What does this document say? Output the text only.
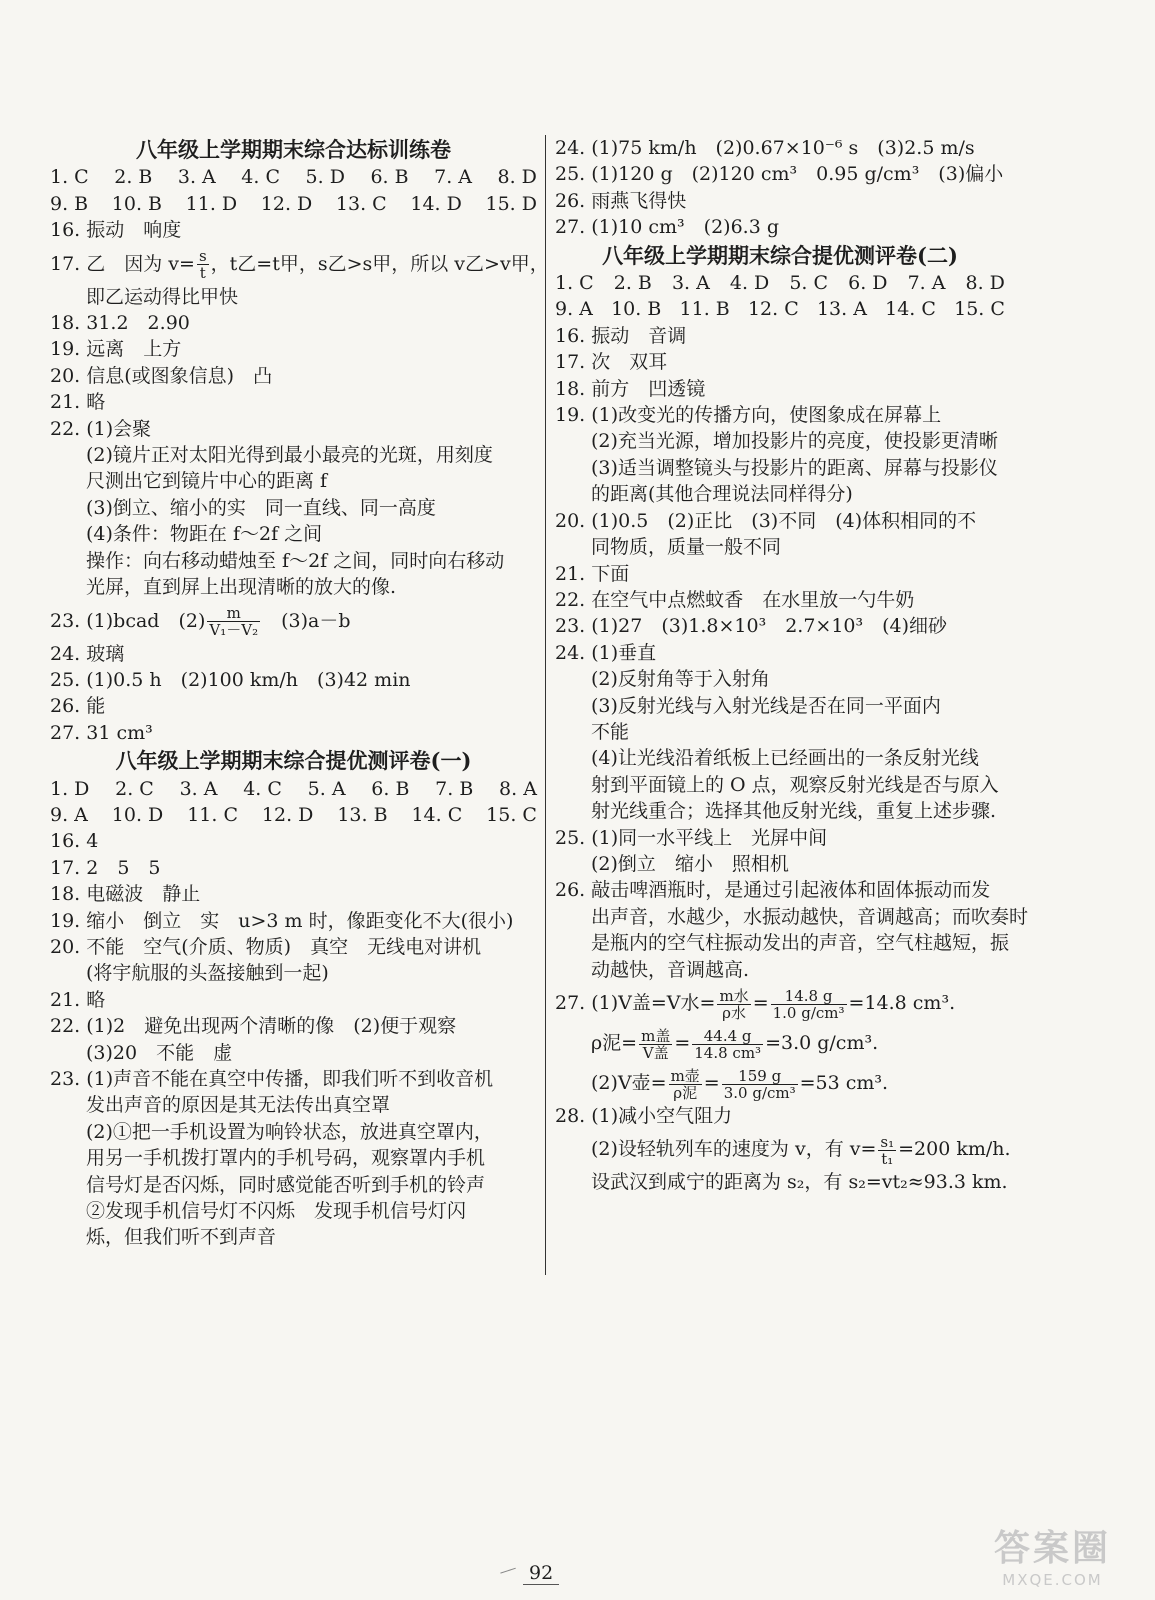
八年级上学期期末综合达标训练卷
1. C 2. B 3. A 4. C 5. D 6. B 7. A 8. D
9. B 10. B 11. D 12. D 13. C 14. D 15. D
16. 振动　响度
17. 乙　因为 $v= \frac{s}{t}$ ，t乙=t甲，s乙>s甲，所以 v乙>v甲，
即乙运动得比甲快
18. 31.2　2.90
19. 远离　上方
20. 信息(或图象信息)　凸
21. 略
22. (1)会聚
(2)镜片正对太阳光得到最小最亮的光斑，用刻度
尺测出它到镜片中心的距离 f
(3)倒立、缩小的实　同一直线、同一高度
(4)条件：物距在 f～2f 之间
操作：向右移动蜡烛至 f～2f 之间，同时向右移动
光屏，直到屏上出现清晰的放大的像.
23. (1)bcad　$(2) \frac{m}{\text{V₁－V₂}}$ 　(3)a－b
24. 玻璃
25. (1)0.5 h　(2)100 km/h　(3)42 min
26. 能
27. 31 cm³
八年级上学期期末综合提优测评卷(一)
1. D 2. C 3. A 4. C 5. A 6. B 7. B 8. A
9. A 10. D 11. C 12. D 13. B 14. C 15. C
16. 4
17. 2　5　5
18. 电磁波　静止
19. 缩小　倒立　实　u>3 m 时，像距变化不大(很小)
20. 不能　空气(介质、物质)　真空　无线电对讲机
(将宇航服的头盔接触到一起)
21. 略
22. (1)2　避免出现两个清晰的像　(2)便于观察
(3)20　不能　虚
23. (1)声音不能在真空中传播，即我们听不到收音机
发出声音的原因是其无法传出真空罩
(2)①把一手机设置为响铃状态，放进真空罩内，
用另一手机拨打罩内的手机号码，观察罩内手机
信号灯是否闪烁，同时感觉能否听到手机的铃声
②发现手机信号灯不闪烁　发现手机信号灯闪
烁，但我们听不到声音
24. (1)75 km/h　(2)0.67×10⁻⁶ s　(3)2.5 m/s
25. (1)120 g　(2)120 cm³　0.95 g/cm³　(3)偏小
26. 雨燕飞得快
27. (1)10 cm³　(2)6.3 g
八年级上学期期末综合提优测评卷(二)
1. C 2. B 3. A 4. D 5. C 6. D 7. A 8. D
9. A 10. B 11. B 12. C 13. A 14. C 15. C
16. 振动　音调
17. 次　双耳
18. 前方　凹透镜
19. (1)改变光的传播方向，使图象成在屏幕上
(2)充当光源，增加投影片的亮度，使投影更清晰
(3)适当调整镜头与投影片的距离、屏幕与投影仪
的距离(其他合理说法同样得分)
20. (1)0.5　(2)正比　(3)不同　(4)体积相同的不
同物质，质量一般不同
21. 下面
22. 在空气中点燃蚊香　在水里放一勺牛奶
23. (1)27　(3)1.8×10³　2.7×10³　(4)细砂
24. (1)垂直
(2)反射角等于入射角
(3)反射光线与入射光线是否在同一平面内
不能
(4)让光线沿着纸板上已经画出的一条反射光线
射到平面镜上的 O 点，观察反射光线是否与原入
射光线重合；选择其他反射光线，重复上述步骤.
25. (1)同一水平线上　光屏中间
(2)倒立　缩小　照相机
26. 敲击啤酒瓶时，是通过引起液体和固体振动而发
出声音，水越少，水振动越快，音调越高；而吹奏时
是瓶内的空气柱振动发出的声音，空气柱越短，振
动越快，音调越高.
27. (1)V盖=V水= $\frac{\text{m水}}{\text{ρ水}} = \frac{14.8 g}{\text{1.0 g/cm³}} =14.8$ cm³.
ρ泥= $\frac{\text{m盖}}{\text{V盖}} = \frac{44.4 g}{\text{14.8 cm³}} =3.0$ g/cm³.
(2)V壶= $\frac{\text{m壶}}{\text{ρ泥}} = \frac{159 g}{\text{3.0 g/cm³}} =53$ cm³.
28. (1)减小空气阻力
(2)设轻轨列车的速度为 v，有 $v= \frac{\text{s₁}}{\text{t₁}} =200$ km/h.
设武汉到咸宁的距离为 s₂，有 s₂=vt₂≈93.3 km.
92
答案圈
MXQE.COM
